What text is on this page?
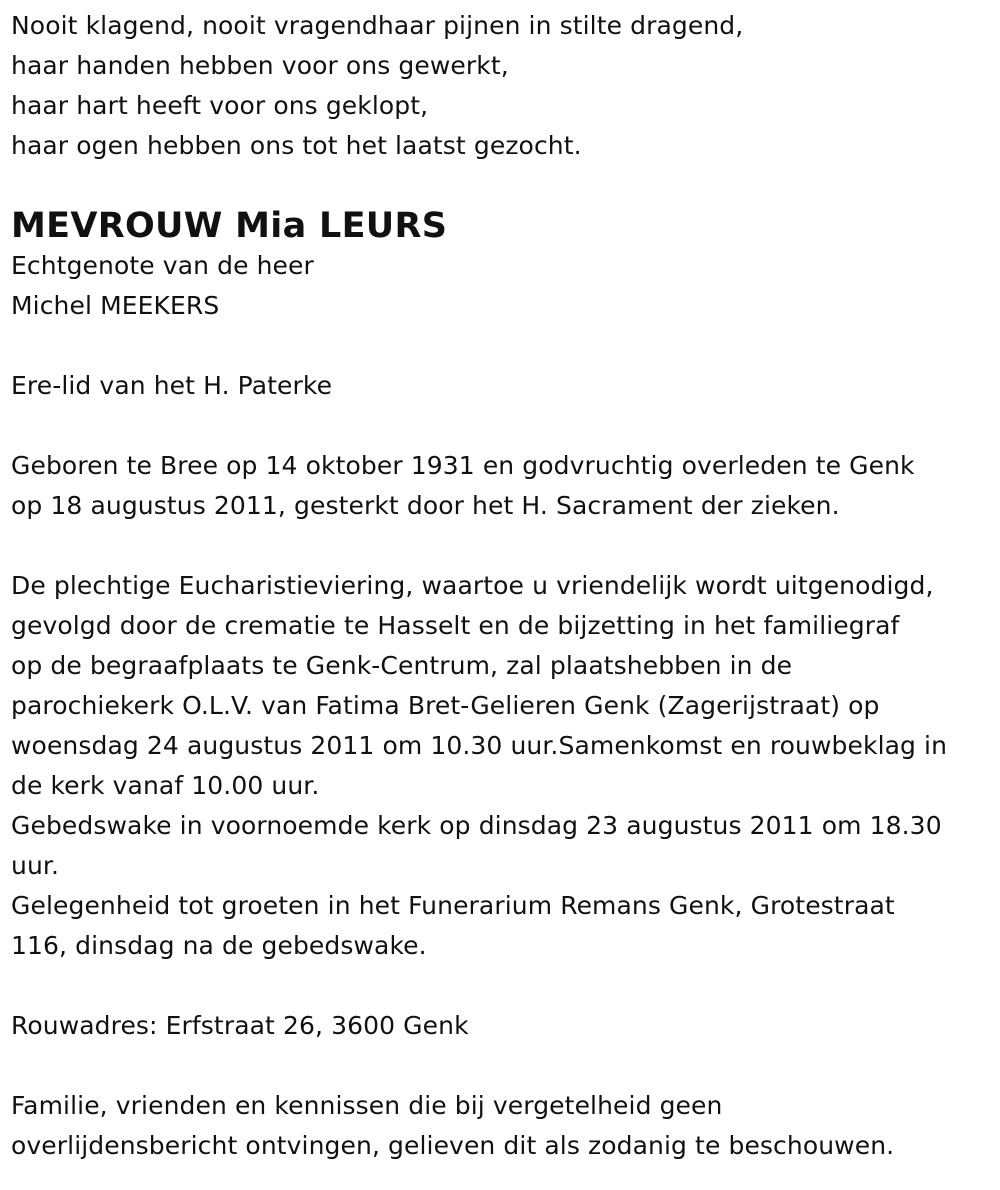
Nooit klagend, nooit vragendhaar pijnen in stilte dragend,
haar handen hebben voor ons gewerkt,
haar hart heeft voor ons geklopt,
haar ogen hebben ons tot het laatst gezocht.
MEVROUW Mia LEURS
Echtgenote van de heer
Michel MEEKERS
Ere-lid van het H. Paterke
Geboren te Bree op 14 oktober 1931 en godvruchtig overleden te Genk
op 18 augustus 2011, gesterkt door het H. Sacrament der zieken.
De plechtige Eucharistieviering, waartoe u vriendelijk wordt uitgenodigd,
gevolgd door de crematie te Hasselt en de bijzetting in het familiegraf
op de begraafplaats te Genk-Centrum, zal plaatshebben in de
parochiekerk O.L.V. van Fatima Bret-Gelieren Genk (Zagerijstraat) op
woensdag 24 augustus 2011 om 10.30 uur.Samenkomst en rouwbeklag in
de kerk vanaf 10.00 uur.
Gebedswake in voornoemde kerk op dinsdag 23 augustus 2011 om 18.30
uur.
Gelegenheid tot groeten in het Funerarium Remans Genk, Grotestraat
116, dinsdag na de gebedswake.
Rouwadres: Erfstraat 26, 3600 Genk
Familie, vrienden en kennissen die bij vergetelheid geen
overlijdensbericht ontvingen, gelieven dit als zodanig te beschouwen.
